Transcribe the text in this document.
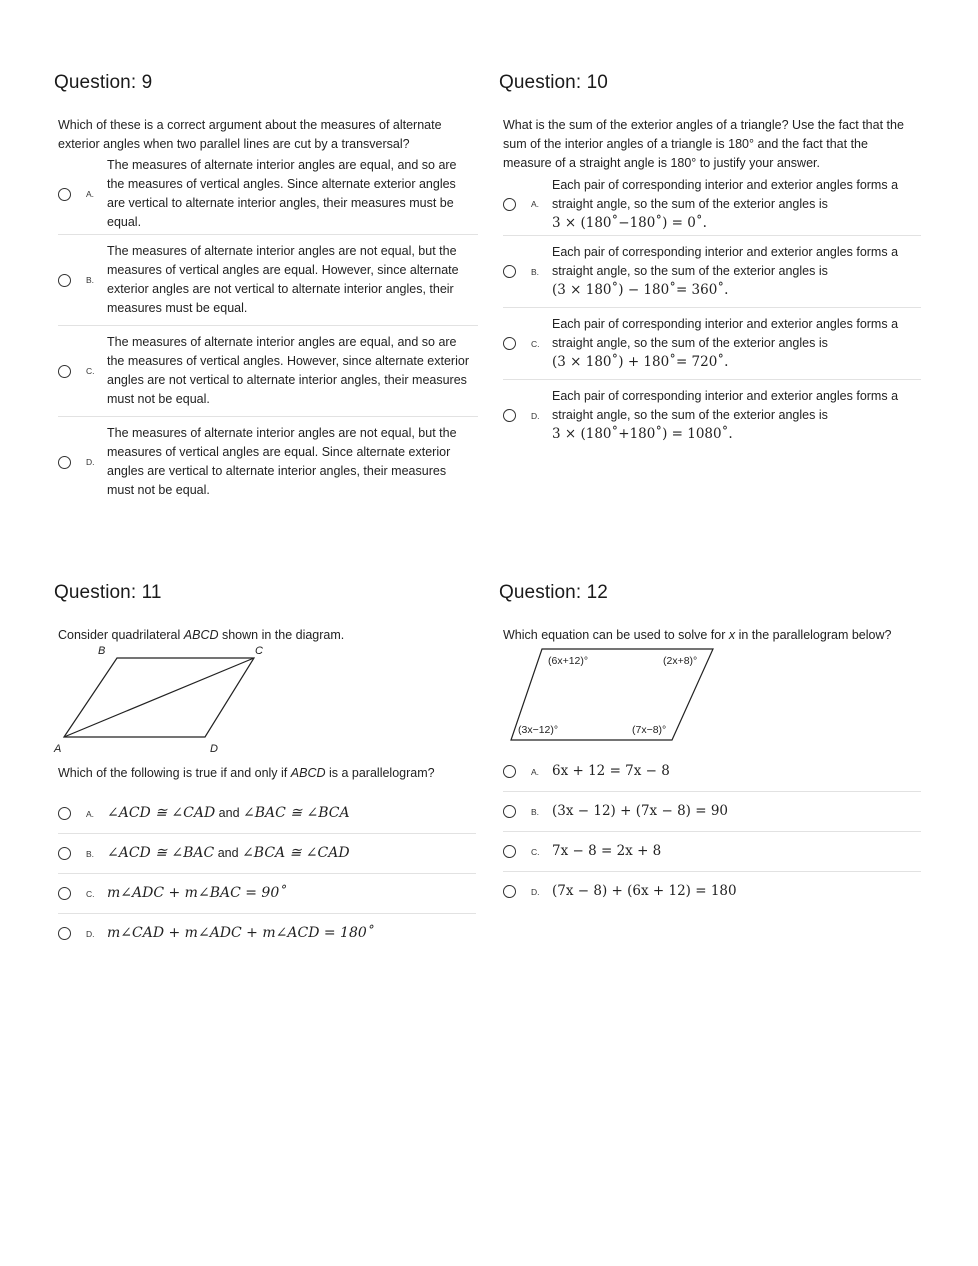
Question: 9
Which of these is a correct argument about the measures of alternate exterior angles when two parallel lines are cut by a transversal?
A.
The measures of alternate interior angles are equal, and so are the measures of vertical angles. Since alternate exterior angles are vertical to alternate interior angles, their measures must be equal.
B.
The measures of alternate interior angles are not equal, but the measures of vertical angles are equal. However, since alternate exterior angles are not vertical to alternate interior angles, their measures must be equal.
C.
The measures of alternate interior angles are equal, and so are the measures of vertical angles. However, since alternate exterior angles are not vertical to alternate interior angles, their measures must not be equal.
D.
The measures of alternate interior angles are not equal, but the measures of vertical angles are equal. Since alternate exterior angles are vertical to alternate interior angles, their measures must not be equal.
Question: 10
What is the sum of the exterior angles of a triangle? Use the fact that the sum of the interior angles of a triangle is 180° and the fact that the measure of a straight angle is 180° to justify your answer.
A.
Each pair of corresponding interior and exterior angles forms a straight angle, so the sum of the exterior angles is
3 × (180˚−180˚) = 0˚.
B.
Each pair of corresponding interior and exterior angles forms a straight angle, so the sum of the exterior angles is
(3 × 180˚) − 180˚= 360˚.
C.
Each pair of corresponding interior and exterior angles forms a straight angle, so the sum of the exterior angles is
(3 × 180˚) + 180˚= 720˚.
D.
Each pair of corresponding interior and exterior angles forms a straight angle, so the sum of the exterior angles is
3 × (180˚+180˚) = 1080˚.
Question: 11
Consider quadrilateral ABCD shown in the diagram.
B	C
A	D
Which of the following is true if and only if ABCD is a parallelogram?
A. ∠ACD ≅ ∠CAD and ∠BAC ≅ ∠BCA
B. ∠ACD ≅ ∠BAC and ∠BCA ≅ ∠CAD
C. m∠ADC + m∠BAC = 90˚
D. m∠CAD + m∠ADC + m∠ACD = 180˚
Question: 12
Which equation can be used to solve for x in the parallelogram below?
(6x+12)°	(2x+8)°
(3x−12)°	(7x−8)°
A. 6x + 12 = 7x − 8
B. (3x − 12) + (7x − 8) = 90
C. 7x − 8 = 2x + 8
D. (7x − 8) + (6x + 12) = 180
